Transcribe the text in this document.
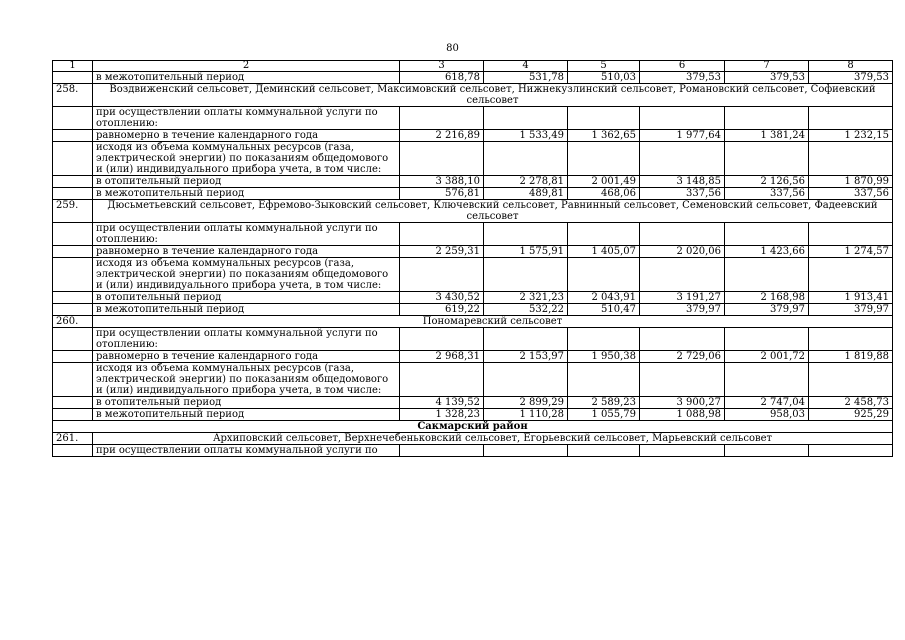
80
1	2	3	4	5	6	7	8
	в межотопительный период	618,78	531,78	510,03	379,53	379,53	379,53
258.	Воздвиженский сельсовет, Деминский сельсовет, Максимовский сельсовет, Нижнекузлинский сельсовет, Романовский сельсовет, Софиевский сельсовет						
	при осуществлении оплаты коммунальной услуги по отоплению:						
	равномерно в течение календарного года	2 216,89	1 533,49	1 362,65	1 977,64	1 381,24	1 232,15
	исходя из объема коммунальных ресурсов (газа, электрической энергии) по показаниям общедомового и (или) индивидуального прибора учета, в том числе:						
	в отопительный период	3 388,10	2 278,81	2 001,49	3 148,85	2 126,56	1 870,99
	в межотопительный период	576,81	489,81	468,06	337,56	337,56	337,56
259.	Дюсьметьевский сельсовет, Ефремово-Зыковский сельсовет, Ключевский сельсовет, Равнинный сельсовет, Семеновский сельсовет, Фадеевский сельсовет						
	при осуществлении оплаты коммунальной услуги по отоплению:						
	равномерно в течение календарного года	2 259,31	1 575,91	1 405,07	2 020,06	1 423,66	1 274,57
	исходя из объема коммунальных ресурсов (газа, электрической энергии) по показаниям общедомового и (или) индивидуального прибора учета, в том числе:						
	в отопительный период	3 430,52	2 321,23	2 043,91	3 191,27	2 168,98	1 913,41
	в межотопительный период	619,22	532,22	510,47	379,97	379,97	379,97
260.	Пономаревский сельсовет						
	при осуществлении оплаты коммунальной услуги по отоплению:						
	равномерно в течение календарного года	2 968,31	2 153,97	1 950,38	2 729,06	2 001,72	1 819,88
	исходя из объема коммунальных ресурсов (газа, электрической энергии) по показаниям общедомового и (или) индивидуального прибора учета, в том числе:						
	в отопительный период	4 139,52	2 899,29	2 589,23	3 900,27	2 747,04	2 458,73
	в межотопительный период	1 328,23	1 110,28	1 055,79	1 088,98	958,03	925,29
Сакмарский район							
261.	Архиповский сельсовет, Верхнечебеньковский сельсовет, Егорьевский сельсовет, Марьевский сельсовет						
	при осуществлении оплаты коммунальной услуги по						
